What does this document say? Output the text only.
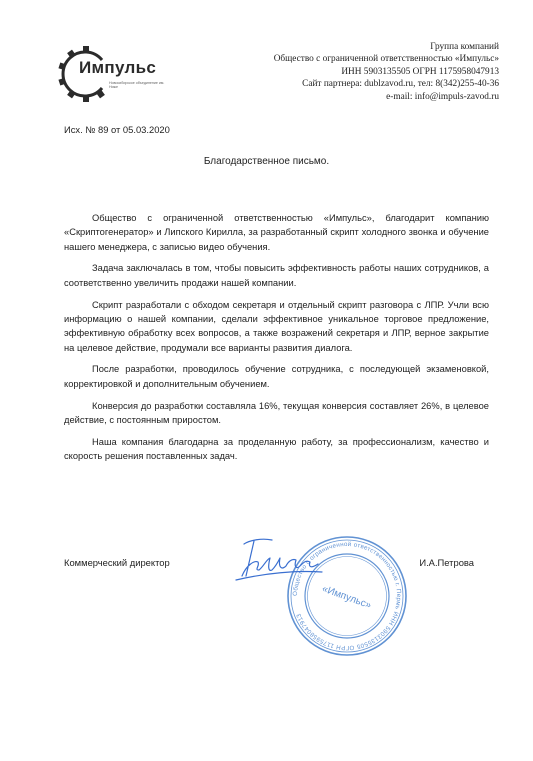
Импульс
Новосибирское объединение им. Ниже
Группа компаний
Общество с ограниченной ответственностью «Импульс»
ИНН 5903135505 ОГРН 1175958047913
Сайт партнера: dublzavod.ru, тел: 8(342)255-40-36
e-mail: info@impuls-zavod.ru
Исх. № 89 от 05.03.2020
Благодарственное письмо.

Общество с ограниченной ответственностью «Импульс», благодарит компанию «Скриптогенератор» и Липского Кирилла, за разработанный скрипт холодного звонка и обучение нашего менеджера, с записью видео обучения.

Задача заключалась в том, чтобы повысить эффективность работы наших сотрудников, а соответственно увеличить продажи нашей компании.

Скрипт разработали с обходом секретаря и отдельный скрипт разговора с ЛПР. Учли всю информацию о нашей компании, сделали эффективное уникальное торговое предложение, эффективную обработку всех вопросов, а также возражений секретаря и ЛПР, верное закрытие на целевое действие, продумали все варианты развития диалога.

После разработки, проводилось обучение сотрудника, с последующей экзаменовкой, корректировкой и дополнительным обучением.

Конверсия до разработки составляла 16%, текущая конверсия составляет 26%, в целевое действие, с постоянным приростом.

Наша компания благодарна за проделанную работу, за профессионализм, качество и скорость решения поставленных задач.

Коммерческий директор	И.А.Петрова
Общество с ограниченной ответственностью г. Пермь ИНН 5903135505 ОГРН 1175958047913
«Импульс»
